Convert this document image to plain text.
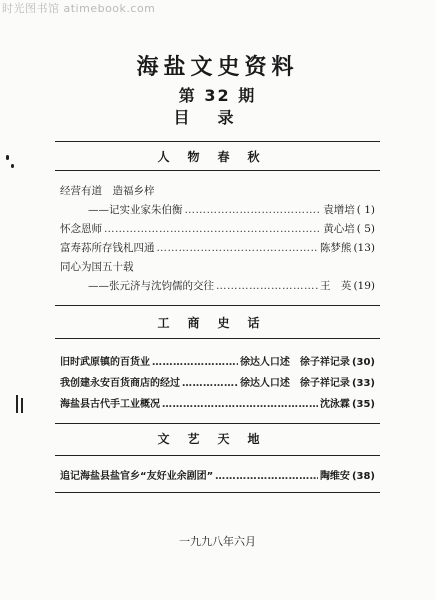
时光图书馆 atimebook.com
海盐文史资料
第 32 期
目录
人物春秋
经营有道　造福乡梓
——记实业家朱伯衡 …………………………………………………………………………………………	袁增培 ( 1)
怀念恩师 …………………………………………………………………………………………	黄心培 ( 5)
富寿荪所存钱札四通 …………………………………………………………………………………………	陈梦熊 (13)
同心为国五十载
——张元济与沈钧儒的交往 …………………………………………………………………………………………	王　英 (19)
工商史话
旧时武原镇的百货业 …………………………………………………………………………………………	徐达人口述　徐子祥记录 (30)
我创建永安百货商店的经过 …………………………………………………………………………………………	徐达人口述　徐子祥记录 (33)
海盐县古代手工业概况 …………………………………………………………………………………………	沈泳霖 (35)
文艺天地
追记海盐县盐官乡“友好业余剧团” …………………………………………………………………………………………	陶维安 (38)
一九九八年六月
